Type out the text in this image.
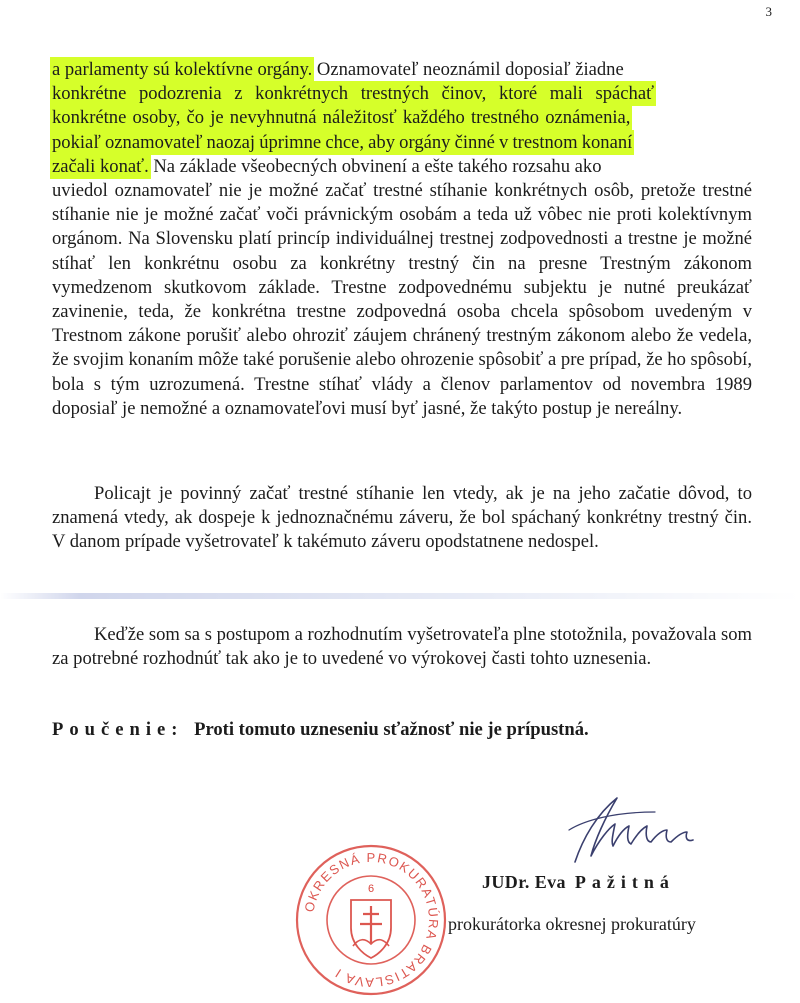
3
a parlamenty sú kolektívne orgány. Oznamovateľ neoznámil doposiaľ žiadne
konkrétne podozrenia z konkrétnych trestných činov, ktoré mali spáchať
konkrétne osoby, čo je nevyhnutná náležitosť každého trestného oznámenia,
pokiaľ oznamovateľ naozaj úprimne chce, aby orgány činné v trestnom konaní
začali konať. Na základe všeobecných obvinení a ešte takého rozsahu ako
uviedol oznamovateľ nie je možné začať trestné stíhanie konkrétnych osôb, pretože trestné stíhanie nie je možné začať voči právnickým osobám a teda už vôbec nie proti kolektívnym orgánom. Na Slovensku platí princíp individuálnej trestnej zodpovednosti a trestne je možné stíhať len konkrétnu osobu za konkrétny trestný čin na presne Trestným zákonom vymedzenom skutkovom základe. Trestne zodpovednému subjektu je nutné preukázať zavinenie, teda, že konkrétna trestne zodpovedná osoba chcela spôsobom uvedeným v Trestnom zákone porušiť alebo ohroziť záujem chránený trestným zákonom alebo že vedela, že svojim konaním môže také porušenie alebo ohrozenie spôsobiť a pre prípad, že ho spôsobí, bola s tým uzrozumená. Trestne stíhať vlády a členov parlamentov od novembra 1989 doposiaľ je nemožné a oznamovateľovi musí byť jasné, že takýto postup je nereálny.
Policajt je povinný začať trestné stíhanie len vtedy, ak je na jeho začatie dôvod, to znamená vtedy, ak dospeje k jednoznačnému záveru, že bol spáchaný konkrétny trestný čin. V danom prípade vyšetrovateľ k takémuto záveru opodstatnene nedospel.
Keďže som sa s postupom a rozhodnutím vyšetrovateľa plne stotožnila, považovala som za potrebné rozhodnúť tak ako je to uvedené vo výrokovej časti tohto uznesenia.
Poučenie: Proti tomuto uzneseniu sťažnosť nie je prípustná.
OKRESNÁ PROKURATÚRA BRATISLAVA I
6	JUDr. Eva Pažitná
prokurátorka okresnej prokuratúry
